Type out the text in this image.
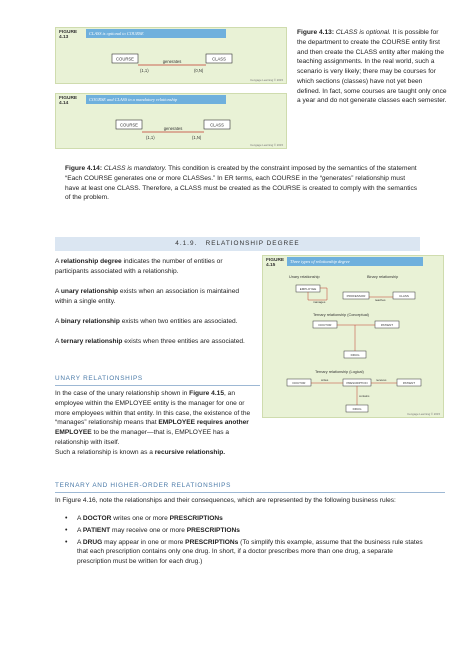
FIGURE 4.13
CLASS is optional to COURSE
COURSE	CLASS
generates
(1,1)	(0,N)
Cengage Learning © 2015
FIGURE 4.14
COURSE and CLASS in a mandatory relationship
COURSE	CLASS
generates
(1,1)	(1,N)
Cengage Learning © 2015
Figure 4.13: CLASS is optional. It is possible for the department to create the COURSE entity first and then create the CLASS entity after making the teaching assignments. In the real world, such a scenario is very likely; there may be courses for which sections (classes) have not yet been defined. In fact, some courses are taught only once a year and do not generate classes each semester.
Figure 4.14: CLASS is mandatory. This condition is created by the constraint imposed by the semantics of the statement
“Each COURSE generates one or more CLASSes.” In ER terms, each COURSE in the “generates” relationship must have at least one CLASS. Therefore, a CLASS must be created as the COURSE is created to comply with the semantics of the problem.
4.1.9. RELATIONSHIP DEGREE
A relationship degree indicates the number of entities or participants associated with a relationship.
A unary relationship exists when an association is maintained within a single entity.
A binary relationship exists when two entities are associated.
A ternary relationship exists when three entities are associated.
FIGURE 4.15
Three types of relationship degree
Unary relationship
EMPLOYEE
manages
Binary relationship
PROFESSOR	CLASS
teaches
Ternary relationship (Conceptual)
DOCTOR	PATIENT
DRUG
Ternary relationship (Logical)
DOCTOR	PRESCRIPTION	PATIENT
DRUG
writes	receives
contains
Cengage Learning © 2015
UNARY RELATIONSHIPS
In the case of the unary relationship shown in Figure 4.15, an employee within the EMPLOYEE entity is the manager for one or more employees within that entity. In this case, the existence of the “manages” relationship means that EMPLOYEE requires another EMPLOYEE to be the manager—that is, EMPLOYEE has a relationship with itself.
Such a relationship is known as a recursive relationship.
TERNARY AND HIGHER-ORDER RELATIONSHIPS
In Figure 4.16, note the relationships and their consequences, which are represented by the following business rules:
• A DOCTOR writes one or more PRESCRIPTIONs
• A PATIENT may receive one or more PRESCRIPTIONs
• A DRUG may appear in one or more PRESCRIPTIONs (To simplify this example, assume that the business rule states that each prescription contains only one drug. In short, if a doctor prescribes more than one drug, a separate prescription must be written for each drug.)
